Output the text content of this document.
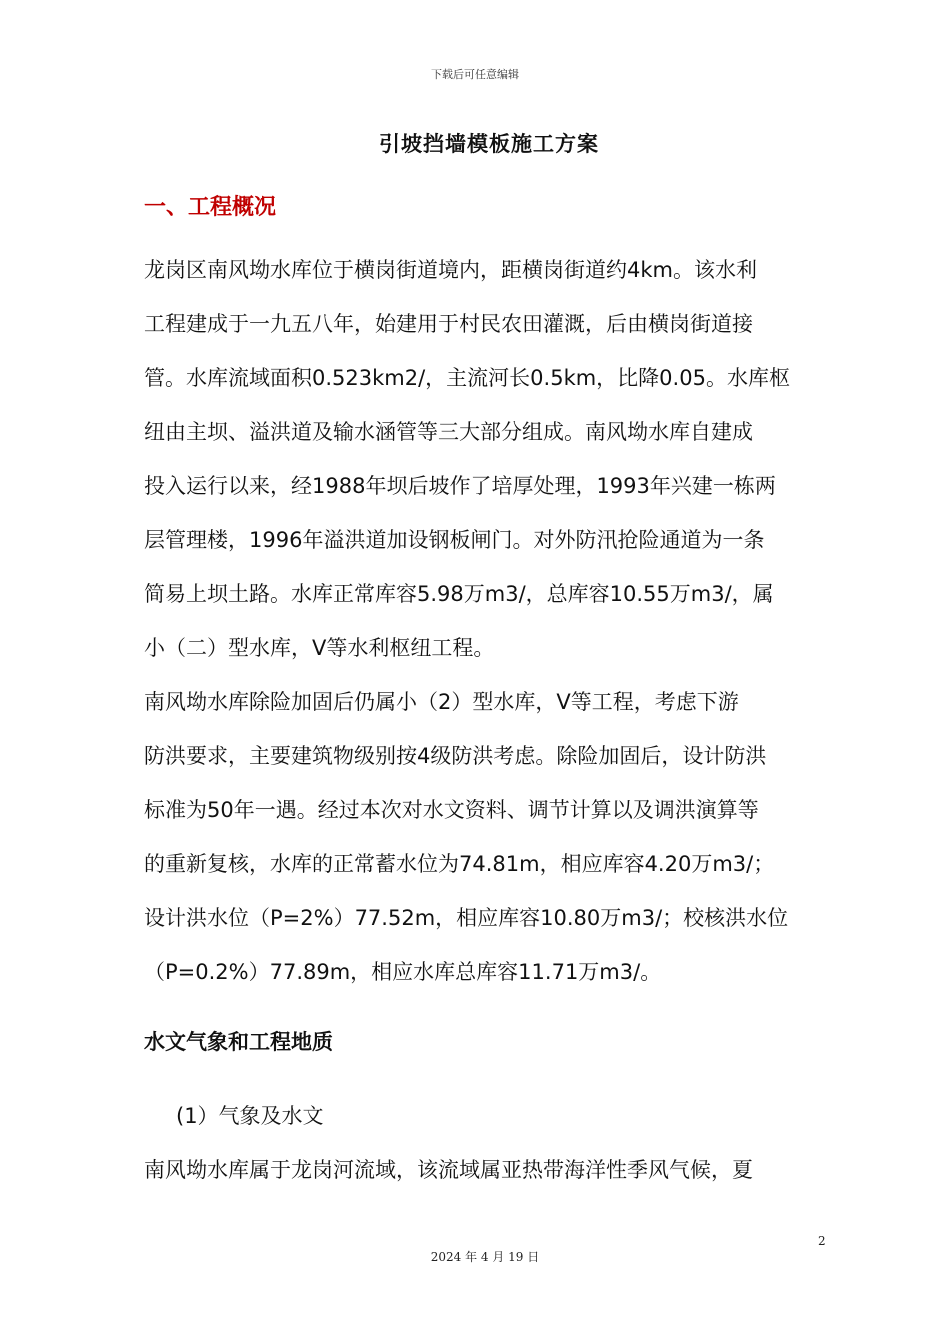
下载后可任意编辑
引坡挡墙模板施工方案
一、工程概况

龙岗区南风坳水库位于横岗街道境内，距横岗街道约4km。该水利
工程建成于一九五八年，始建用于村民农田灌溉，后由横岗街道接
管。水库流域面积0.523km2/，主流河长0.5km，比降0.05。水库枢
纽由主坝、溢洪道及输水涵管等三大部分组成。南风坳水库自建成
投入运行以来，经1988年坝后坡作了培厚处理，1993年兴建一栋两
层管理楼，1996年溢洪道加设钢板闸门。对外防汛抢险通道为一条
简易上坝土路。水库正常库容5.98万m3/，总库容10.55万m3/，属
小（二）型水库，Ⅴ等水利枢纽工程。

南风坳水库除险加固后仍属小（2）型水库，Ⅴ等工程，考虑下游
防洪要求，主要建筑物级别按4级防洪考虑。除险加固后，设计防洪
标准为50年一遇。经过本次对水文资料、调节计算以及调洪演算等
的重新复核，水库的正常蓄水位为74.81m，相应库容4.20万m3/；
设计洪水位（P=2%）77.52m，相应库容10.80万m3/；校核洪水位
（P=0.2%）77.89m，相应水库总库容11.71万m3/。

水文气象和工程地质
(1）气象及水文

南风坳水库属于龙岗河流域，该流域属亚热带海洋性季风气候，夏

2
2024 年 4 月 19 日
